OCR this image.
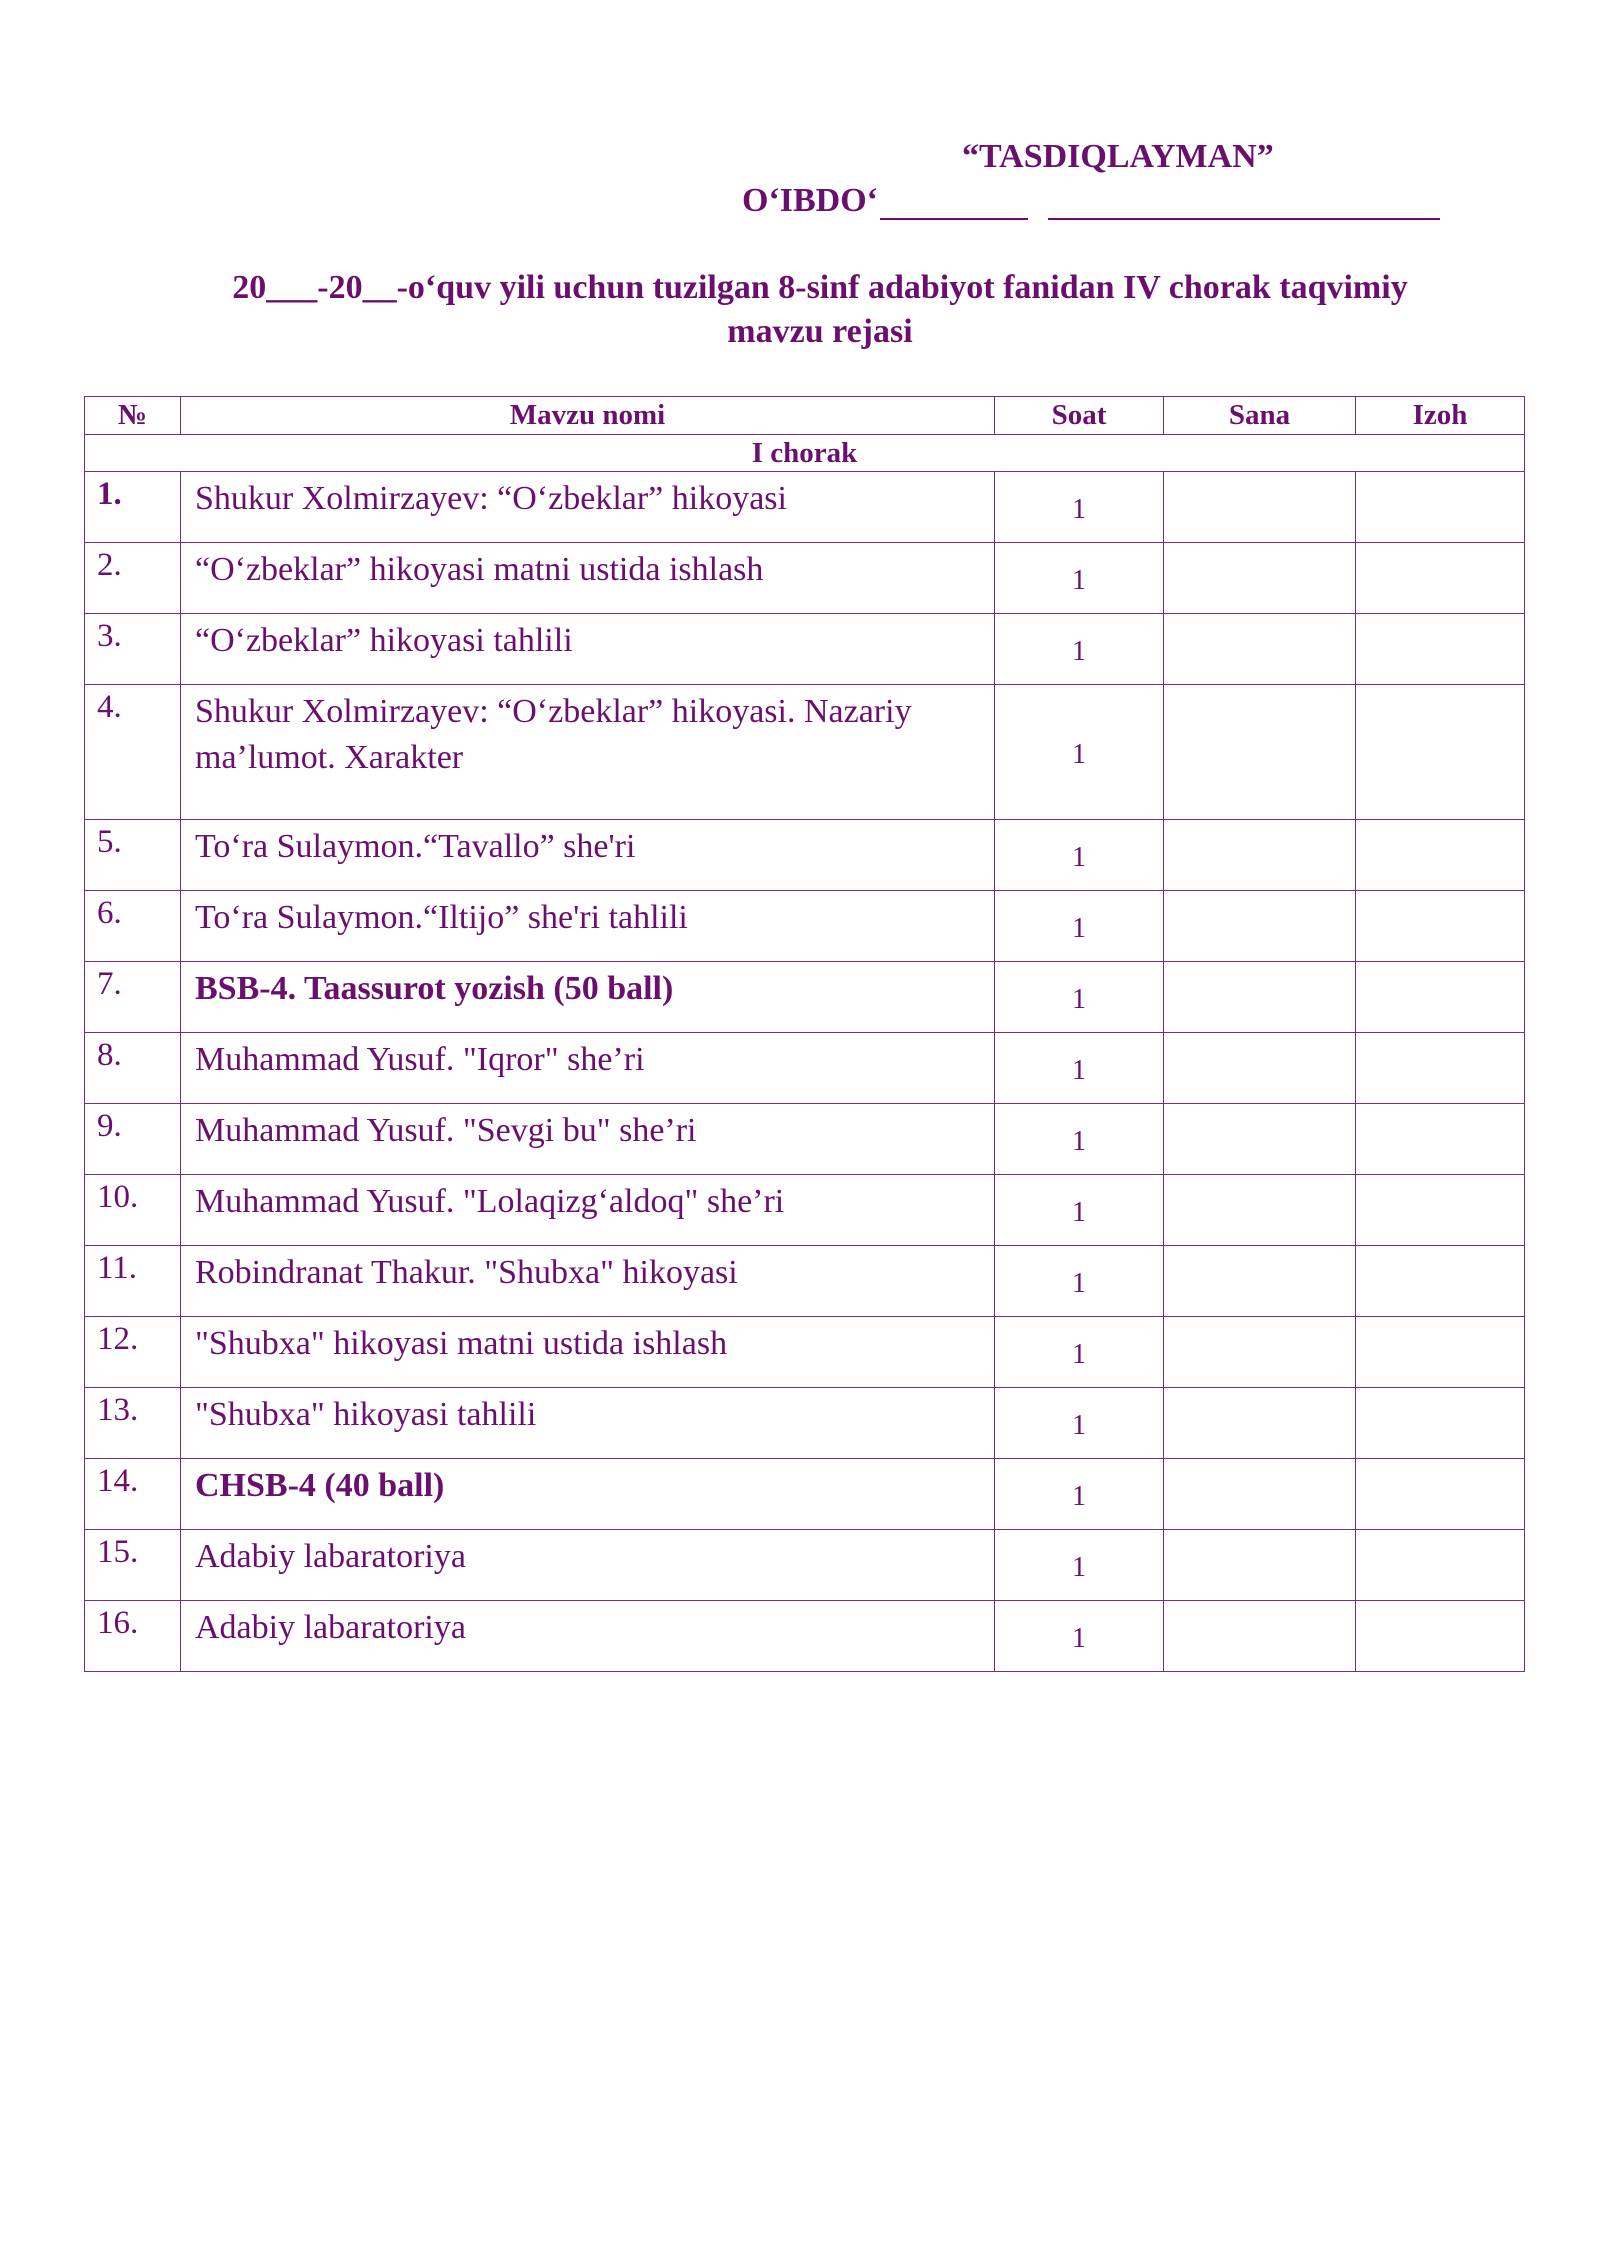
“TASDIQLAYMAN”
O‘IBDO‘
20___-20__-o‘quv yili uchun tuzilgan 8-sinf adabiyot fanidan IV chorak taqvimiy
mavzu rejasi
№	Mavzu nomi	Soat	Sana	Izoh
I chorak				
1.	Shukur Xolmirzayev: “O‘zbeklar” hikoyasi	1		
2.	“O‘zbeklar” hikoyasi matni ustida ishlash	1		
3.	“O‘zbeklar” hikoyasi tahlili	1		
4.	Shukur Xolmirzayev: “O‘zbeklar” hikoyasi. Nazariy ma’lumot. Xarakter	1		
5.	To‘ra Sulaymon.“Tavallo” she'ri	1		
6.	To‘ra Sulaymon.“Iltijo” she'ri tahlili	1		
7.	BSB-4. Taassurot yozish (50 ball)	1		
8.	Muhammad Yusuf. "Iqror" she’ri	1		
9.	Muhammad Yusuf. "Sevgi bu" she’ri	1		
10.	Muhammad Yusuf. "Lolaqizg‘aldoq" she’ri	1		
11.	Robindranat Thakur. "Shubxa" hikoyasi	1		
12.	"Shubxa" hikoyasi matni ustida ishlash	1		
13.	"Shubxa" hikoyasi tahlili	1		
14.	CHSB-4 (40 ball)	1		
15.	Adabiy labaratoriya	1		
16.	Adabiy labaratoriya	1		
